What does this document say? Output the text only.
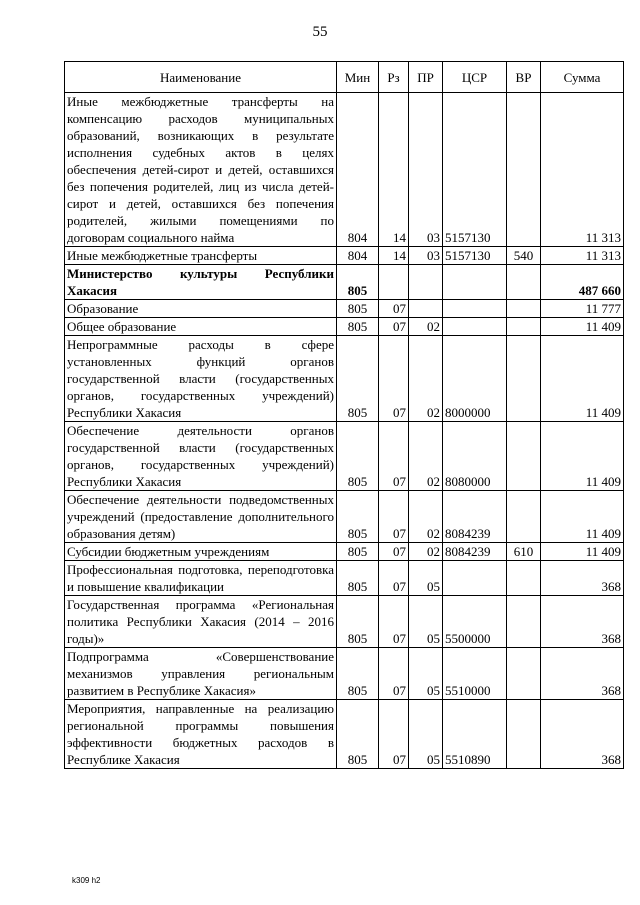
55
Наименование	Мин	Рз	ПР	ЦСР	ВР	Сумма
Иные межбюджетные трансферты на компенсацию расходов муниципальных образований, возникающих в результате исполнения судебных актов в целях обеспечения детей-сирот и детей, оставшихся без попечения родителей, лиц из числа детей-сирот и детей, оставшихся без попечения родителей, жилыми помещениями по договорам социального найма	804	14	03	5157130		11 313
Иные межбюджетные трансферты	804	14	03	5157130	540	11 313
Министерство культуры Республики Хакасия	805					487 660
Образование	805	07				11 777
Общее образование	805	07	02			11 409
Непрограммные расходы в сфере установленных функций органов государственной власти (государственных органов, государственных учреждений) Республики Хакасия	805	07	02	8000000		11 409
Обеспечение деятельности органов государственной власти (государственных органов, государственных учреждений) Республики Хакасия	805	07	02	8080000		11 409
Обеспечение деятельности подведомственных учреждений (предоставление дополнительного образования детям)	805	07	02	8084239		11 409
Субсидии бюджетным учреждениям	805	07	02	8084239	610	11 409
Профессиональная подготовка, переподготовка и повышение квалификации	805	07	05			368
Государственная программа «Региональная политика Республики Хакасия (2014 – 2016 годы)»	805	07	05	5500000		368
Подпрограмма «Совершенствование механизмов управления региональным развитием в Республике Хакасия»	805	07	05	5510000		368
Мероприятия, направленные на реализацию региональной программы повышения эффективности бюджетных расходов в Республике Хакасия	805	07	05	5510890		368
k309 h2
